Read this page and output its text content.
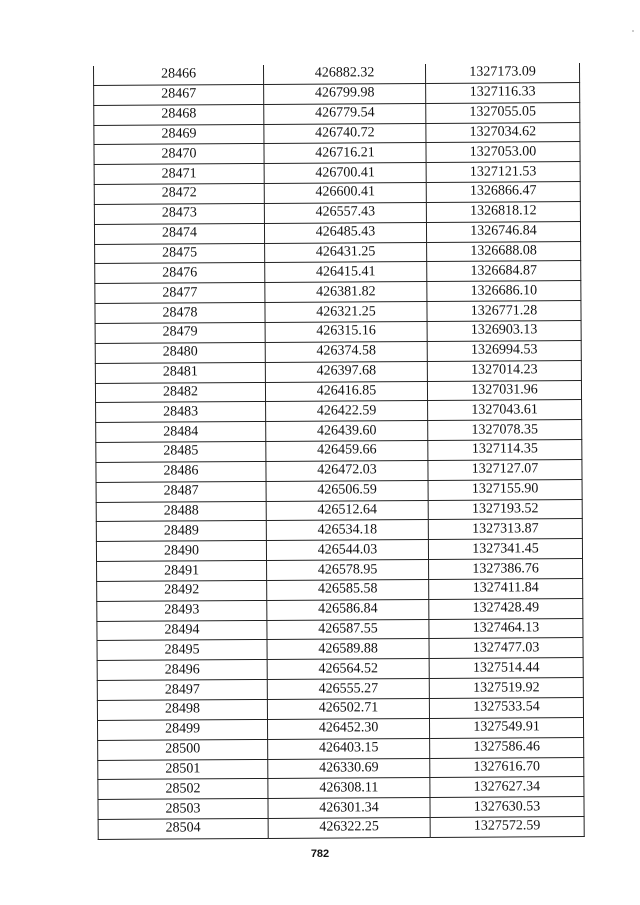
28466	426882.32	1327173.09
28467	426799.98	1327116.33
28468	426779.54	1327055.05
28469	426740.72	1327034.62
28470	426716.21	1327053.00
28471	426700.41	1327121.53
28472	426600.41	1326866.47
28473	426557.43	1326818.12
28474	426485.43	1326746.84
28475	426431.25	1326688.08
28476	426415.41	1326684.87
28477	426381.82	1326686.10
28478	426321.25	1326771.28
28479	426315.16	1326903.13
28480	426374.58	1326994.53
28481	426397.68	1327014.23
28482	426416.85	1327031.96
28483	426422.59	1327043.61
28484	426439.60	1327078.35
28485	426459.66	1327114.35
28486	426472.03	1327127.07
28487	426506.59	1327155.90
28488	426512.64	1327193.52
28489	426534.18	1327313.87
28490	426544.03	1327341.45
28491	426578.95	1327386.76
28492	426585.58	1327411.84
28493	426586.84	1327428.49
28494	426587.55	1327464.13
28495	426589.88	1327477.03
28496	426564.52	1327514.44
28497	426555.27	1327519.92
28498	426502.71	1327533.54
28499	426452.30	1327549.91
28500	426403.15	1327586.46
28501	426330.69	1327616.70
28502	426308.11	1327627.34
28503	426301.34	1327630.53
28504	426322.25	1327572.59
782
